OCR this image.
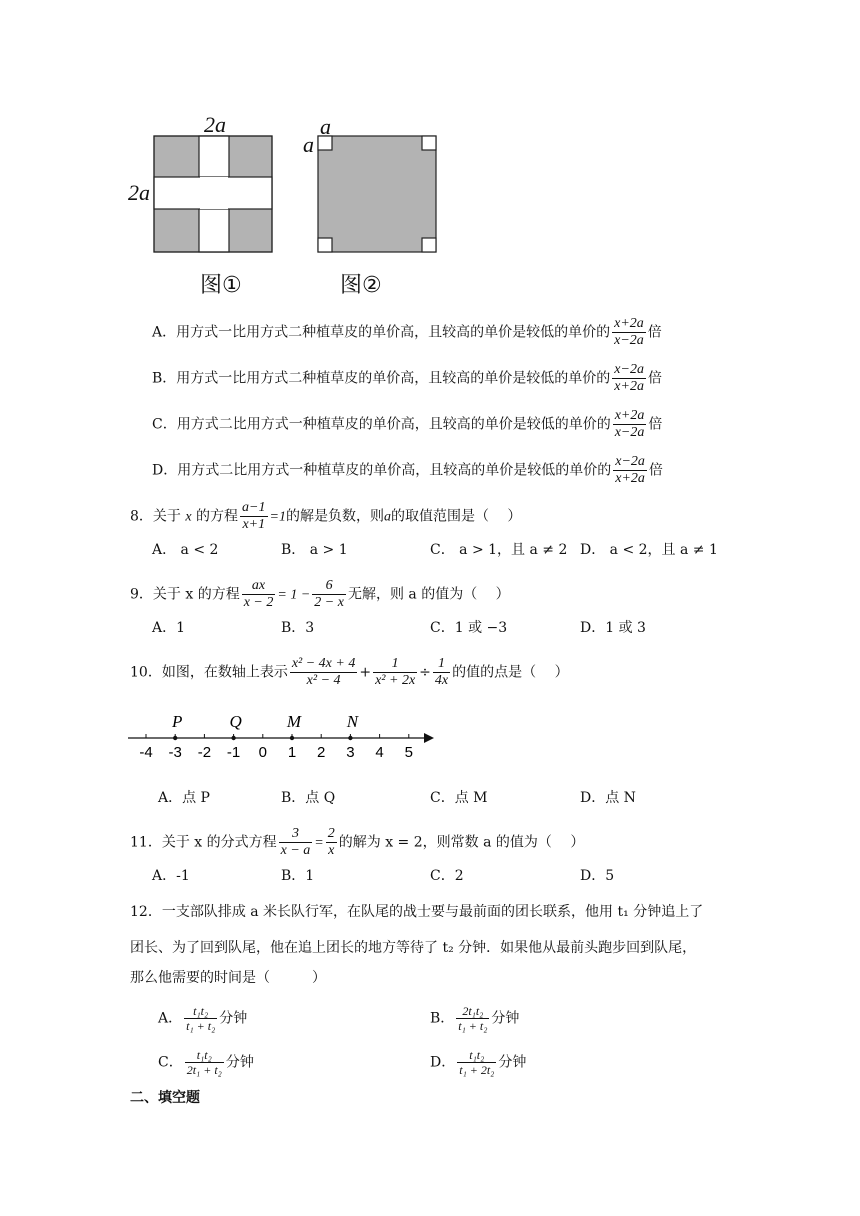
2a
2a
图①
a
a
图②
A．用方式一比用方式二种植草皮的单价高，且较高的单价是较低的单价的 $\frac{x+2a}{x-2a}$ 倍
B．用方式一比用方式二种植草皮的单价高，且较高的单价是较低的单价的 $\frac{x-2a}{x+2a}$ 倍
C．用方式二比用方式一种植草皮的单价高，且较高的单价是较低的单价的 $\frac{x+2a}{x-2a}$ 倍
D．用方式二比用方式一种植草皮的单价高，且较高的单价是较低的单价的 $\frac{x-2a}{x+2a}$ 倍
8．关于 x 的方程 $\frac{a-1}{x+1} =1$的解是负数，则a的取值范围是（　 ）
A． a < 2	B． a > 1	C． a > 1，且 a ≠ 2 D． a < 2，且 a ≠ 1
9．关于 x 的方程 $\frac{ax}{x - 2} = 1 - \frac{6}{2 - x}$ 无解，则 a 的值为（　 ）
A．1	B．3	C．1 或 −3	D．1 或 3
10．如图，在数轴上表示 $\frac{\text{x² − 4x + 4}}{\text{x² − 4}} + \frac{1}{\text{x² + 2x}} \div \frac{1}{4x}$ 的值的点是（　 ）
-4 -3 -2 -1 0 1 2 3 4 5
P	Q	M	N
A．点 P	B．点 Q	C．点 M	D．点 N
11．关于 x 的分式方程 $\frac{3}{x - a} = \frac{2}{x}$ 的解为 x = 2，则常数 a 的值为（　 ）
A．-1	B．1	C．2	D．5
12．一支部队排成 a 米长队行军，在队尾的战士要与最前面的团长联系，他用 t₁ 分钟追上了
团长、为了回到队尾，他在追上团长的地方等待了 t₂ 分钟．如果他从最前头跑步回到队尾，
那么他需要的时间是（　　　）
A． $\frac{\text{t₁t₂}}{\text{t₁ + t₂}}$ 分钟	B． $\frac{\text{2t₁t₂}}{\text{t₁ + t₂}}$ 分钟
C． $\frac{\text{t₁t₂}}{\text{2t₁ + t₂}}$ 分钟	D． $\frac{\text{t₁t₂}}{\text{t₁ + 2t₂}}$ 分钟
二、填空题
